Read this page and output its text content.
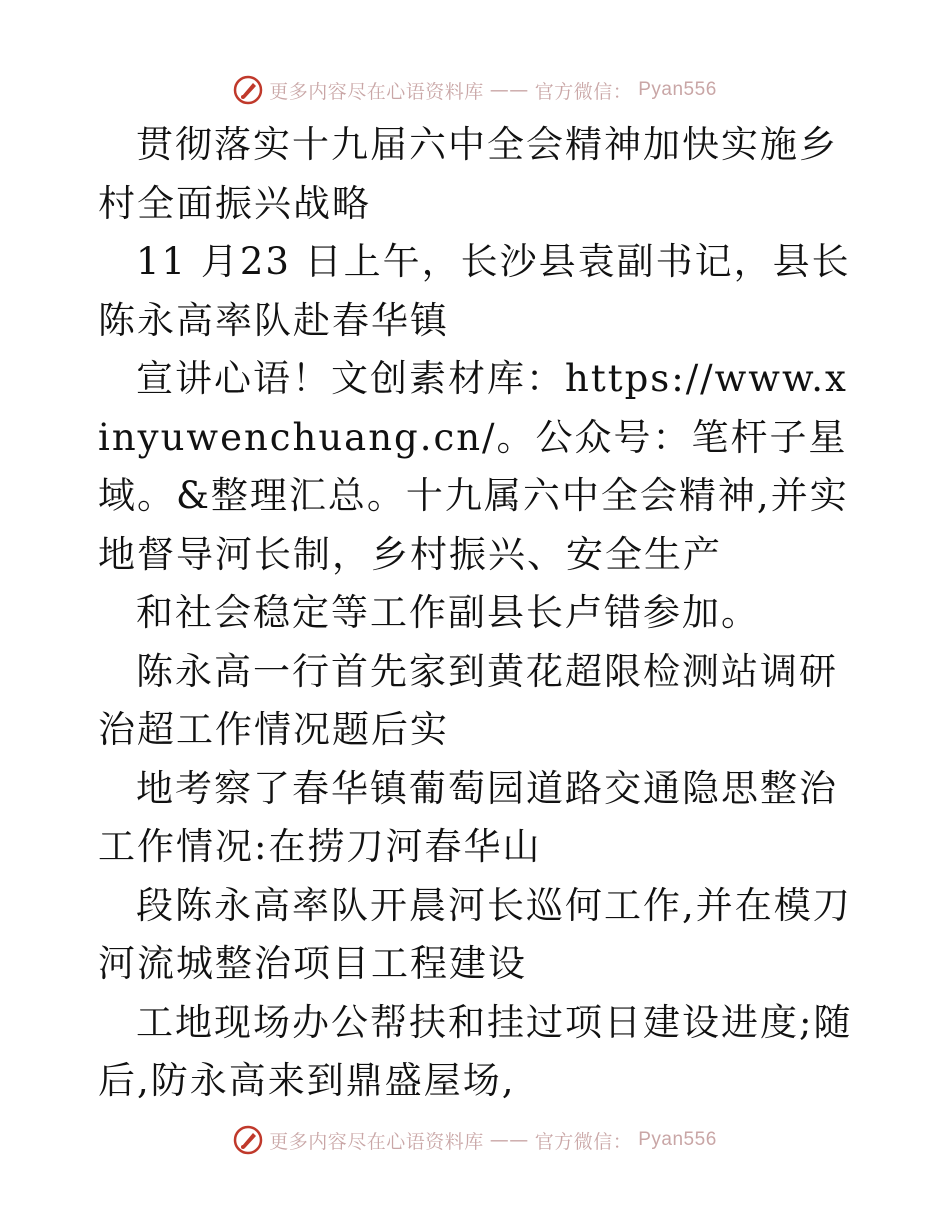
更多内容尽在心语资料库 —— 官方微信： Pyan556

贯彻落实十九届六中全会精神加快实施乡村全面振兴战略

11 月23 日上午，长沙县袁副书记，县长陈永高率队赴春华镇

宣讲心语！文创素材库：https://www.xinyuwenchuang.cn/。公众号：笔杆子星域。&整理汇总。十九属六中全会精神,并实地督导河长制，乡村振兴、安全生产

和社会稳定等工作副县长卢错参加。

陈永高一行首先家到黄花超限检测站调研治超工作情况题后实

地考察了春华镇葡萄园道路交通隐思整治工作情况:在捞刀河春华山

段陈永高率队开晨河长巡何工作,并在模刀河流城整治项目工程建设

工地现场办公帮扶和挂过项日建设进度;随后,防永高来到鼎盛屋场,

更多内容尽在心语资料库 —— 官方微信： Pyan556
